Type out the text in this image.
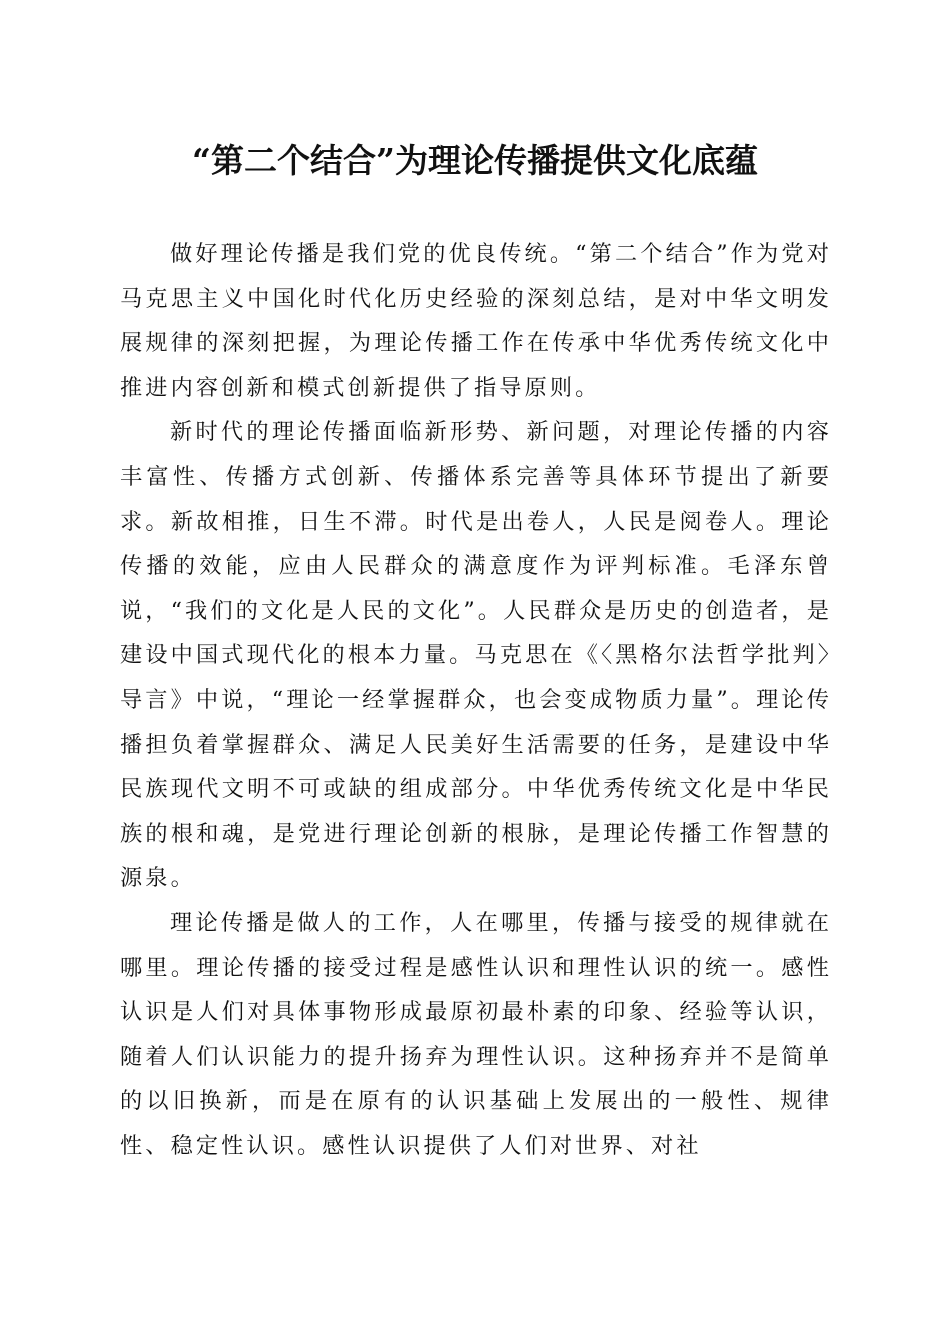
“第二个结合”为理论传播提供文化底蕴

做好理论传播是我们党的优良传统。“第二个结合”作为党对马克思主义中国化时代化历史经验的深刻总结，是对中华文明发展规律的深刻把握，为理论传播工作在传承中华优秀传统文化中推进内容创新和模式创新提供了指导原则。

新时代的理论传播面临新形势、新问题，对理论传播的内容丰富性、传播方式创新、传播体系完善等具体环节提出了新要求。新故相推，日生不滞。时代是出卷人，人民是阅卷人。理论传播的效能，应由人民群众的满意度作为评判标准。毛泽东曾说，“我们的文化是人民的文化”。人民群众是历史的创造者，是建设中国式现代化的根本力量。马克思在《〈黑格尔法哲学批判〉导言》中说，“理论一经掌握群众，也会变成物质力量”。理论传播担负着掌握群众、满足人民美好生活需要的任务，是建设中华民族现代文明不可或缺的组成部分。中华优秀传统文化是中华民族的根和魂，是党进行理论创新的根脉，是理论传播工作智慧的源泉。

理论传播是做人的工作，人在哪里，传播与接受的规律就在哪里。理论传播的接受过程是感性认识和理性认识的统一。感性认识是人们对具体事物形成最原初最朴素的印象、经验等认识，随着人们认识能力的提升扬弃为理性认识。这种扬弃并不是简单的以旧换新，而是在原有的认识基础上发展出的一般性、规律性、稳定性认识。感性认识提供了人们对世界、对社
